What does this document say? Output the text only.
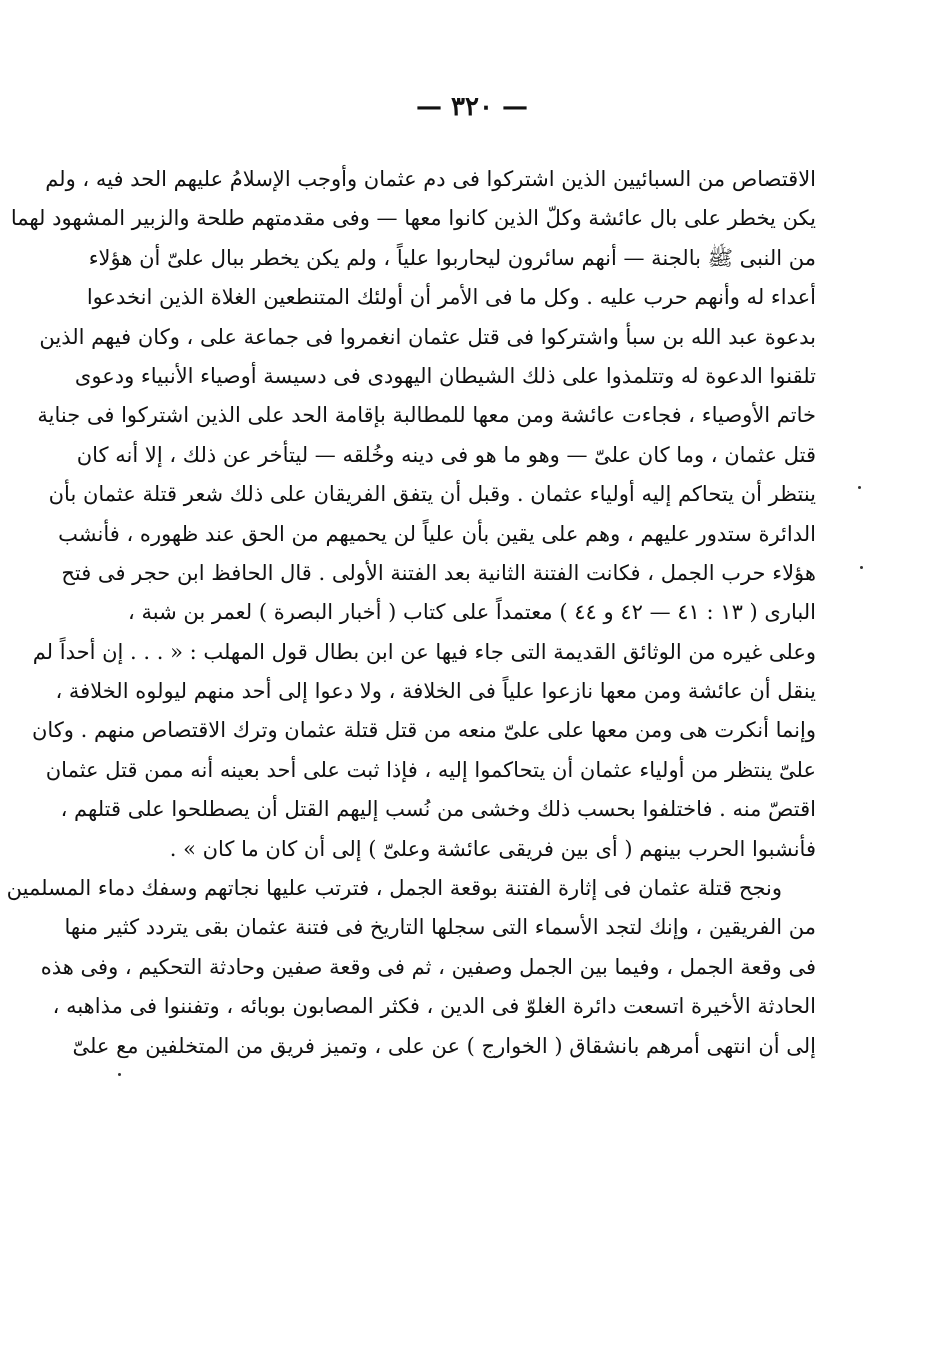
— ٣٢٠ —
الاقتصاص من السبائيين الذين اشتركوا فى دم عثمان وأوجب الإسلامُ عليهم الحد فيه ، ولم
يكن يخطر على بال عائشة وكلّ الذين كانوا معها — وفى مقدمتهم طلحة والزبير المشهود لهما
من النبى ﷺ بالجنة — أنهم سائرون ليحاربوا علياً ، ولم يكن يخطر ببال علىّ أن هؤلاء
أعداء له وأنهم حرب عليه . وكل ما فى الأمر أن أولئك المتنطعين الغلاة الذين انخدعوا
بدعوة عبد الله بن سبأ واشتركوا فى قتل عثمان انغمروا فى جماعة على ، وكان فيهم الذين
تلقنوا الدعوة له وتتلمذوا على ذلك الشيطان اليهودى فى دسيسة أوصياء الأنبياء ودعوى
خاتم الأوصياء ، فجاءت عائشة ومن معها للمطالبة بإقامة الحد على الذين اشتركوا فى جناية
قتل عثمان ، وما كان علىّ — وهو ما هو فى دينه وخُلقه — ليتأخر عن ذلك ، إلا أنه كان
ينتظر أن يتحاكم إليه أولياء عثمان . وقبل أن يتفق الفريقان على ذلك شعر قتلة عثمان بأن
الدائرة ستدور عليهم ، وهم على يقين بأن علياً لن يحميهم من الحق عند ظهوره ، فأنشب
هؤلاء حرب الجمل ، فكانت الفتنة الثانية بعد الفتنة الأولى . قال الحافظ ابن حجر فى فتح
البارى ( ١٣ : ٤١ — ٤٢ و ٤٤ ) معتمداً على كتاب ( أخبار البصرة ) لعمر بن شبة ،
وعلى غيره من الوثائق القديمة التى جاء فيها عن ابن بطال قول المهلب : « . . . إن أحداً لم
ينقل أن عائشة ومن معها نازعوا علياً فى الخلافة ، ولا دعوا إلى أحد منهم ليولوه الخلافة ،
وإنما أنكرت هى ومن معها على علىّ منعه من قتل قتلة عثمان وترك الاقتصاص منهم . وكان
علىّ ينتظر من أولياء عثمان أن يتحاكموا إليه ، فإذا ثبت على أحد بعينه أنه ممن قتل عثمان
اقتصّ منه . فاختلفوا بحسب ذلك وخشى من نُسب إليهم القتل أن يصطلحوا على قتلهم ،
فأنشبوا الحرب بينهم ( أى بين فريقى عائشة وعلىّ ) إلى أن كان ما كان » .
ونجح قتلة عثمان فى إثارة الفتنة بوقعة الجمل ، فترتب عليها نجاتهم وسفك دماء المسلمين
من الفريقين ، وإنك لتجد الأسماء التى سجلها التاريخ فى فتنة عثمان بقى يتردد كثير منها
فى وقعة الجمل ، وفيما بين الجمل وصفين ، ثم فى وقعة صفين وحادثة التحكيم ، وفى هذه
الحادثة الأخيرة اتسعت دائرة الغلوّ فى الدين ، فكثر المصابون بوبائه ، وتفننوا فى مذاهبه ،
إلى أن انتهى أمرهم بانشقاق ( الخوارج ) عن على ، وتميز فريق من المتخلفين مع علىّ
